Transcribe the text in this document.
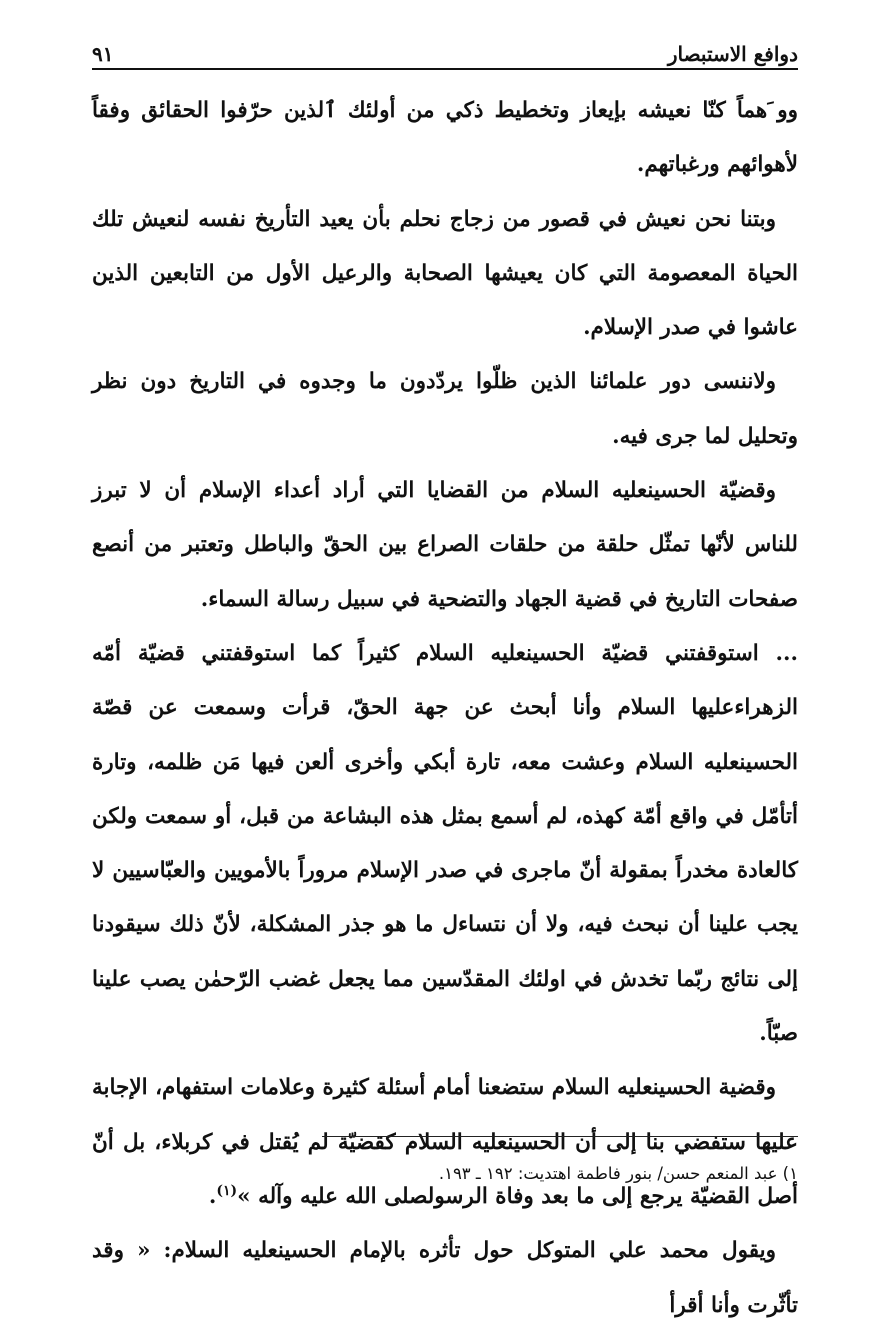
دوافع الاستبصار
٩١

وو َهماً كنّا نعيشه بإيعاز وتخطيط ذكي من أولئك ٱلذين حرّفوا الحقائق وفقاً لأهوائهم ورغباتهم.

وبتنا نحن نعيش في قصور من زجاج نحلم بأن يعيد التأريخ نفسه لنعيش تلك الحياة المعصومة التي كان يعيشها الصحابة والرعيل الأول من التابعين الذين عاشوا في صدر الإسلام.

ولاننسى دور علمائنا الذين ظلّوا يردّدون ما وجدوه في التاريخ دون نظر وتحليل لما جرى فيه.

وقضيّة الحسينعليه السلام من القضايا التي أراد أعداء الإسلام أن لا تبرز للناس لأنّها تمثّل حلقة من حلقات الصراع بين الحقّ والباطل وتعتبر من أنصع صفحات التاريخ في قضية الجهاد والتضحية في سبيل رسالة السماء.

... استوقفتني قضيّة الحسينعليه السلام كثيراً كما استوقفتني قضيّة أمّه الزهراءعليها السلام وأنا أبحث عن جهة الحقّ، قرأت وسمعت عن قصّة الحسينعليه السلام وعشت معه، تارة أبكي وأخرى ألعن فيها مَن ظلمه، وتارة أتأمّل في واقع أمّة كهذه، لم أسمع بمثل هذه البشاعة من قبل، أو سمعت ولكن كالعادة مخدراً بمقولة أنّ ماجرى في صدر الإسلام مروراً بالأمويين والعبّاسيين لا يجب علينا أن نبحث فيه، ولا أن نتساءل ما هو جذر المشكلة، لأنّ ذلك سيقودنا إلى نتائج ربّما تخدش في اولئك المقدّسين مما يجعل غضب الرّحمٰن يصب علينا صبّاً.

وقضية الحسينعليه السلام ستضعنا أمام أسئلة كثيرة وعلامات استفهام، الإجابة عليها ستفضي بنا إلى أن الحسينعليه السلام كقضيّة لم يُقتل في كربلاء، بل أنّ أصل القضيّة يرجع إلى ما بعد وفاة الرسولصلى الله عليه وآله »$^{(١)}$.

ويقول محمد علي المتوكل حول تأثره بالإمام الحسينعليه السلام: « وقد تأثّرت وأنا أقرأ

١) عبد المنعم حسن/ بنور فاطمة اهتديت: ١٩٢ ـ ١٩٣.
